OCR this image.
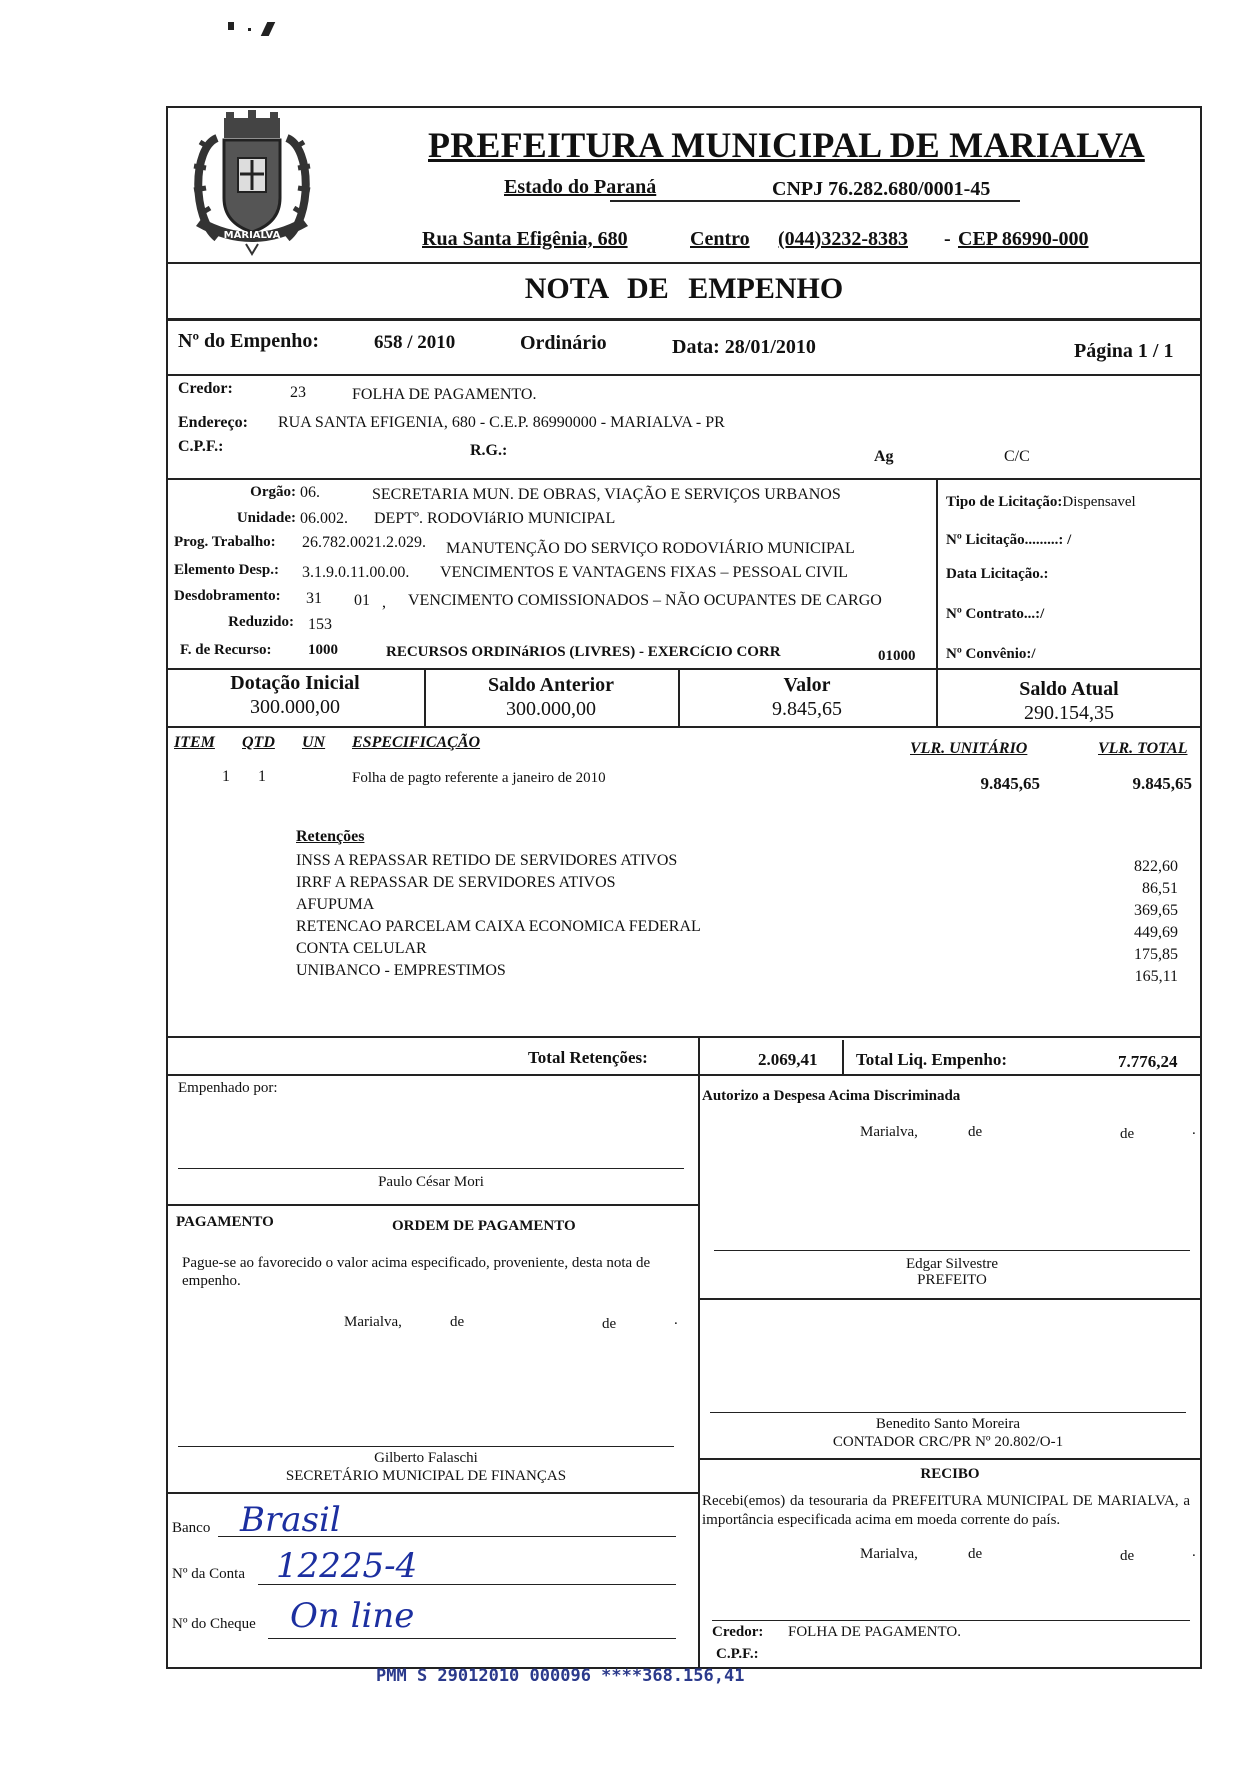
MARIALVA
PREFEITURA MUNICIPAL DE MARIALVA
Estado do Paraná	CNPJ 76.282.680/0001-45
Rua Santa Efigênia, 680	Centro (044)3232-8383 - CEP 86990-000
NOTA DE EMPENHO
Nº do Empenho:	658 / 2010	Ordinário	Data: 28/01/2010	Página 1 / 1
Credor:	23	FOLHA DE PAGAMENTO.
Endereço: RUA SANTA EFIGENIA, 680 - C.E.P. 86990000 - MARIALVA - PR
C.P.F.:	R.G.:	Ag	C/C
Orgão: 06.	SECRETARIA MUN. DE OBRAS, VIAÇÃO E SERVIÇOS URBANOS
Unidade: 06.002. DEPTº. RODOVIáRIO MUNICIPAL
Prog. Trabalho: 26.782.0021.2.029. MANUTENÇÃO DO SERVIÇO RODOVIÁRIO MUNICIPAL
Elemento Desp.: 3.1.9.0.11.00.00. VENCIMENTOS E VANTAGENS FIXAS – PESSOAL CIVIL
Desdobramento: 31 01 , VENCIMENTO COMISSIONADOS – NÃO OCUPANTES DE CARGO
Reduzido: 153
F. de Recurso: 1000	RECURSOS ORDINáRIOS (LIVRES) - EXERCíCIO CORR	01000
Tipo de Licitação:Dispensavel
Nº Licitação.........: /
Data Licitação.:
Nº Contrato...:/
Nº Convênio:/
Dotação Inicial
300.000,00
Saldo Anterior
300.000,00
Valor
9.845,65
Saldo Atual
290.154,35
ITEM QTD UN ESPECIFICAÇÃO	VLR. UNITÁRIO	VLR. TOTAL
1 1	Folha de pagto referente a janeiro de 2010	9.845,65	9.845,65
Retenções
INSS A REPASSAR RETIDO DE SERVIDORES ATIVOS	822,60
IRRF A REPASSAR DE SERVIDORES ATIVOS	86,51
AFUPUMA	369,65
RETENCAO PARCELAM CAIXA ECONOMICA FEDERAL	449,69
CONTA CELULAR	175,85
UNIBANCO - EMPRESTIMOS	165,11
Total Retenções:	2.069,41 Total Liq. Empenho:	7.776,24
Empenhado por:
Paulo César Mori
Autorizo a Despesa Acima Discriminada
Marialva,	de	de	.
Edgar Silvestre
PREFEITO
Benedito Santo Moreira
CONTADOR CRC/PR Nº 20.802/O-1
PAGAMENTO	ORDEM DE PAGAMENTO
Pague-se ao favorecido o valor acima especificado, proveniente, desta nota de empenho.
Marialva,	de	de	.
Gilberto Falaschi
SECRETÁRIO MUNICIPAL DE FINANÇAS
Banco Brasil
Nº da Conta 12225-4
Nº do Cheque On line
RECIBO
Recebi(emos) da tesouraria da PREFEITURA MUNICIPAL DE MARIALVA, a importância especificada acima em moeda corrente do país.
Marialva,	de	de	.
Credor: FOLHA DE PAGAMENTO.
C.P.F.:
PMM S 29012010 000096 ****368.156,41
